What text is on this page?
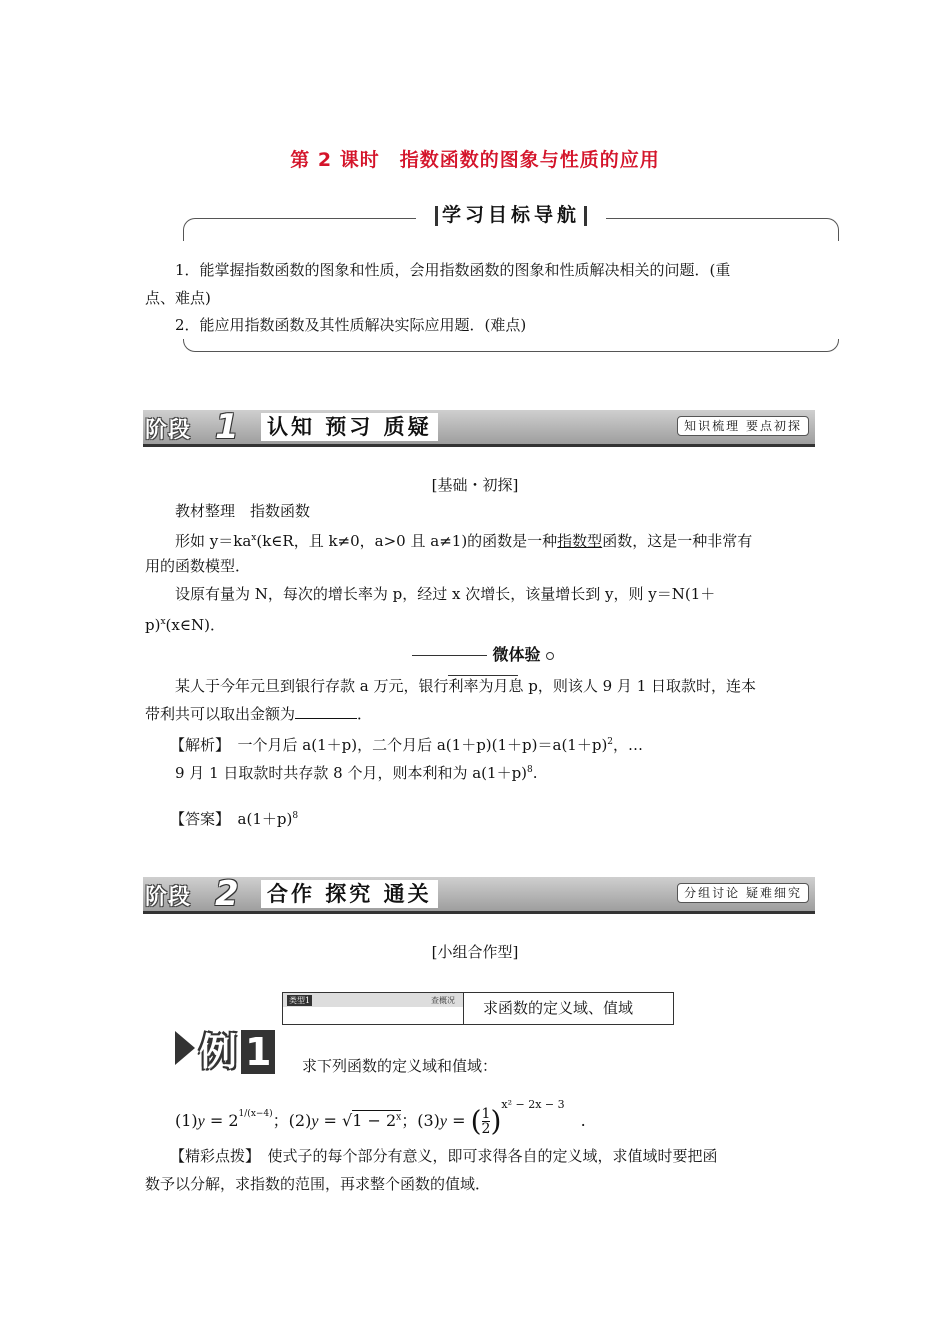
第 2 课时　指数函数的图象与性质的应用
学习目标导航
1．能掌握指数函数的图象和性质，会用指数函数的图象和性质解决相关的问题．(重
点、难点)
2．能应用指数函数及其性质解决实际应用题．(难点)
阶段 1 认知 预习 质疑	知识梳理 要点初探
[基础・初探]
教材整理　指数函数
形如 $y=ka^x(k\in R$，且 k≠0，a>0 且 a≠1)的函数是一种指数型函数，这是一种非常有
用的函数模型．
设原有量为 N，每次的增长率为 p，经过 x 次增长，该量增长到 y，则 y＝N(1＋
p)$^x$(x∈N)．
微体验
某人于今年元旦到银行存款 a 万元，银行利率为月息 p，则该人 9 月 1 日取款时，连本
带利共可以取出金额为	．
【解析】　 一个月后 a(1＋p)，二个月后 $a(1+p)(1+p)=a(1+p)^2$，…
9 月 1 日取款时共存款 8 个月，则本利和为 $a(1+p)^8$.
【答案】　 $a(1+p)^8$
阶段 2 合作 探究 通关	分组讨论 疑难细究
[小组合作型]
类型1	查概况 求函数的定义域、值域
例 1 求下列函数的定义域和值域：
$(1)y = 2^{1/(x-4)}$；$(2)y = √1 - 2^x$；(3)y = ( $\frac{1}{2} )^{x^2 - 2x - 3}$　.
【精彩点拨】　 使式子的每个部分有意义，即可求得各自的定义域，求值域时要把函
数予以分解，求指数的范围，再求整个函数的值域．
